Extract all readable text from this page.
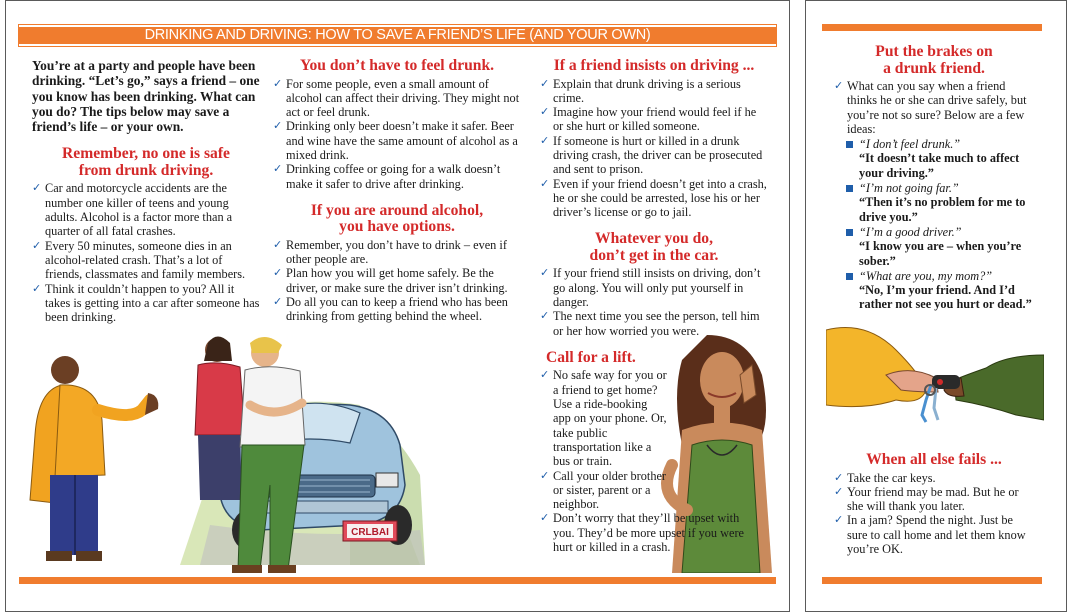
DRINKING AND DRIVING: HOW TO SAVE A FRIEND’S LIFE (AND YOUR OWN)
CRLBAI
You’re at a party and people have been drinking. “Let’s go,” says a friend – one you know has been drinking. What can you do? The tips below may save a friend’s life – or your own.
Remember, no one is safe
from drunk driving.
✓ Car and motorcycle accidents are the number one killer of teens and young adults. Alcohol is a factor more than a quarter of all fatal crashes.
✓ Every 50 minutes, someone dies in an alcohol-related crash. That’s a lot of friends, classmates and family members.
✓ Think it couldn’t happen to you? All it takes is getting into a car after someone has been drinking.
You don’t have to feel drunk.
✓ For some people, even a small amount of alcohol can affect their driving. They might not act or feel drunk.
✓ Drinking only beer doesn’t make it safer. Beer and wine have the same amount of alcohol as a mixed drink.
✓ Drinking coffee or going for a walk doesn’t make it safer to drive after drinking.
If you are around alcohol,
you have options.
✓ Remember, you don’t have to drink – even if other people are.
✓ Plan how you will get home safely. Be the driver, or make sure the driver isn’t drinking.
✓ Do all you can to keep a friend who has been drinking from getting behind the wheel.
If a friend insists on driving ...
✓ Explain that drunk driving is a serious crime.
✓ Imagine how your friend would feel if he or she hurt or killed someone.
✓ If someone is hurt or killed in a drunk driving crash, the driver can be prosecuted and sent to prison.
✓ Even if your friend doesn’t get into a crash, he or she could be arrested, lose his or her driver’s license or go to jail.
Whatever you do,
don’t get in the car.
✓ If your friend still insists on driving, don’t go along. You will only put yourself in danger.
✓ The next time you see the person, tell him or her how worried you were.
Call for a lift.
✓ No safe way for you or a friend to get home? Use a ride-booking app on your phone. Or, take public transportation like a bus or train.
✓ Call your older brother or sister, parent or a neighbor.
✓ Don’t worry that they’ll be upset with you. They’d be more upset if you were hurt or killed in a crash.
Put the brakes on
a drunk friend.
✓ What can you say when a friend thinks he or she can drive safely, but you’re not so sure? Below are a few ideas:
“I don’t feel drunk.”
“It doesn’t take much to affect your driving.”
“I’m not going far.”
“Then it’s no problem for me to drive you.”
“I’m a good driver.”
“I know you are – when you’re sober.”
“What are you, my mom?”
“No, I’m your friend. And I’d rather not see you hurt or dead.”
When all else fails ...
✓ Take the car keys.
✓ Your friend may be mad. But he or she will thank you later.
✓ In a jam? Spend the night. Just be sure to call home and let them know you’re OK.
